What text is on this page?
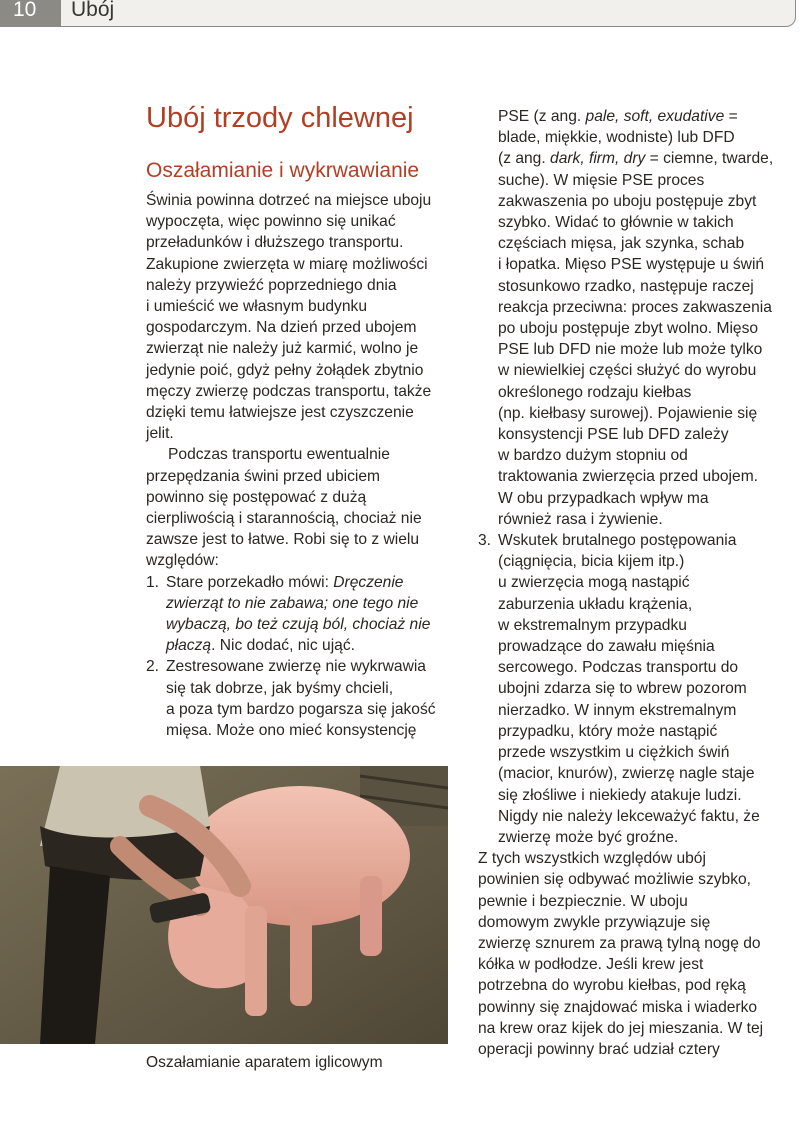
10 Ubój
Ubój trzody chlewnej
Oszałamianie i wykrwawianie

Świnia powinna dotrzeć na miejsce uboju
wypoczęta, więc powinno się unikać
przeładunków i dłuższego transportu.
Zakupione zwierzęta w miarę możliwości
należy przywieźć poprzedniego dnia
i umieścić we własnym budynku
gospodarczym. Na dzień przed ubojem
zwierząt nie należy już karmić, wolno je
jedynie poić, gdyż pełny żołądek zbytnio
męczy zwierzę podczas transportu, także
dzięki temu łatwiejsze jest czyszczenie
jelit.

Podczas transportu ewentualnie
przepędzania świni przed ubiciem
powinno się postępować z dużą
cierpliwością i starannością, chociaż nie
zawsze jest to łatwe. Robi się to z wielu
względów:

1. Stare porzekadło mówi: Dręczenie
zwierząt to nie zabawa; one tego nie
wybaczą, bo też czują ból, chociaż nie
płaczą. Nic dodać, nic ująć.
2. Zestresowane zwierzę nie wykrwawia
się tak dobrze, jak byśmy chcieli,
a poza tym bardzo pogarsza się jakość
mięsa. Może ono mieć konsystencję
PSE (z ang. pale, soft, exudative =
blade, miękkie, wodniste) lub DFD
(z ang. dark, firm, dry = ciemne, twarde,
suche). W mięsie PSE proces
zakwaszenia po uboju postępuje zbyt
szybko. Widać to głównie w takich
częściach mięsa, jak szynka, schab
i łopatka. Mięso PSE występuje u świń
stosunkowo rzadko, następuje raczej
reakcja przeciwna: proces zakwaszenia
po uboju postępuje zbyt wolno. Mięso
PSE lub DFD nie może lub może tylko
w niewielkiej części służyć do wyrobu
określonego rodzaju kiełbas
(np. kiełbasy surowej). Pojawienie się
konsystencji PSE lub DFD zależy
w bardzo dużym stopniu od
traktowania zwierzęcia przed ubojem.
W obu przypadkach wpływ ma
również rasa i żywienie.
3. Wskutek brutalnego postępowania
(ciągnięcia, bicia kijem itp.)
u zwierzęcia mogą nastąpić
zaburzenia układu krążenia,
w ekstremalnym przypadku
prowadzące do zawału mięśnia
sercowego. Podczas transportu do
ubojni zdarza się to wbrew pozorom
nierzadko. W innym ekstremalnym
przypadku, który może nastąpić
przede wszystkim u ciężkich świń
(macior, knurów), zwierzę nagle staje
się złośliwe i niekiedy atakuje ludzi.
Nigdy nie należy lekceważyć faktu, że
zwierzę może być groźne.

Z tych wszystkich względów ubój
powinien się odbywać możliwie szybko,
pewnie i bezpiecznie. W uboju
domowym zwykle przywiązuje się
zwierzę sznurem za prawą tylną nogę do
kółka w podłodze. Jeśli krew jest
potrzebna do wyrobu kiełbas, pod ręką
powinny się znajdować miska i wiaderko
na krew oraz kijek do jej mieszania. W tej
operacji powinny brać udział cztery

Oszałamianie aparatem iglicowym
